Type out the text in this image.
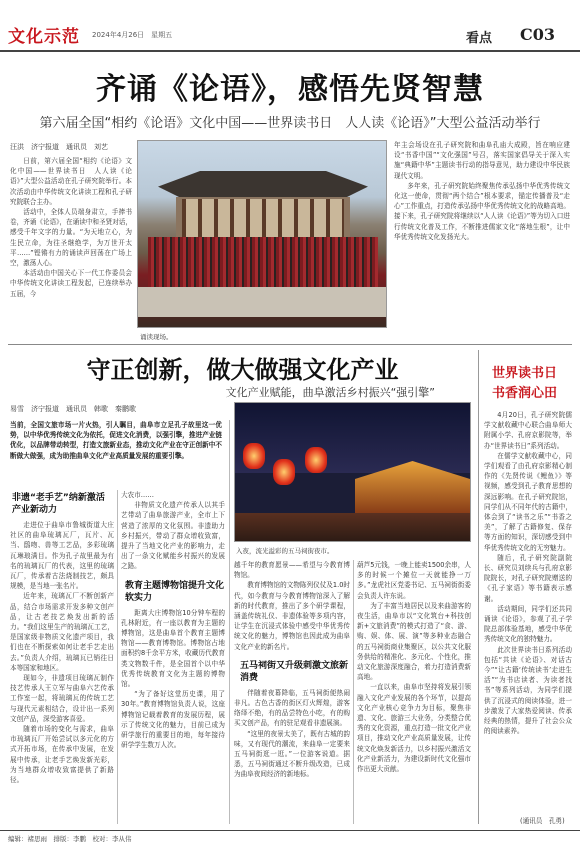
文化示范 2024年4月26日　星期五	看点 C03
齐诵《论语》，感悟先贤智慧
第六届全国“相约《论语》文化中国——世界读书日　人人读《论语》”大型公益活动举行
汪洪　济宁报道　通讯员　刘艺

日前，第六届全国“相约《论语》文化中国——世界读书日　人人读《论语》”大型公益活动在孔子研究院举行。本次活动由中华传统文化讲读工程和孔子研究院联合主办。

活动中，全体人员端身肃立，手捧书卷，齐诵《论语》，在诵读中和圣贤对话，感受千年文字的力量。“为天地立心，为生民立命，为往圣继绝学，为万世开太平……”铿锵有力的诵读声回荡在广场上空，激荡人心。

本活动由中国关心下一代工作委员会中华传统文化讲读工程发起，已连续举办五届，今

诵读现场。

年主会场设在孔子研究院和曲阜孔庙大成殿，旨在响应建设“书香中国”“文化强国”号召，落实国家倡导关于深入实施“典籍中华”主题读书行动的指导意见，助力建设中华民族现代文明。

多年来，孔子研究院始终聚焦传承弘扬中华优秀传统文化这一使命，贯彻“两个结合”根本要求，锚定传播普及“走心”工作重点，打造传承弘扬中华优秀传统文化的战略高地。接下来，孔子研究院将继续以“人人读《论语》”等为切入口进行传统文化普及工作，不断推进儒家文化“落地生根”，让中华优秀传统文化发扬光大。

守正创新，做大做强文化产业
文化产业赋能，曲阜激活乡村振兴“强引擎”
易雪　济宁报道　通讯员　韩歌　秦鹏歌
当前，全国文旅市场一片火热，引人瞩目，曲阜市立足孔子故里这一优势，以中华优秀传统文化为依托，促进文化消费，以强引擎，推进产业链优化，以品牌带动转型，打造文旅新业态，推动文化产业在守正创新中不断做大做强，成为助推曲阜文化产业高质量发展的重要引擎。
非遗“老手艺”纳新激活产业新动力

走进位于曲阜市鲁城街道大庄社区的曲阜琉璃瓦厂，瓦片、瓦当、鸱吻、兽等工艺品，多彩琉璃瓦琳琅满目。作为孔子故里最为有名的琉璃瓦厂的代表，这里的琉璃瓦厂，传承着古法烧制技艺，颇具规模，是当地一张名片。

近年来，琉璃瓦厂不断创新产品，结合市场需求开发多种文创产品，让古老技艺焕发出新的活力。“我们这里生产的琉璃瓦工艺，是国家级非物质文化遗产项目，我们也在不断探索如何让老手艺走出去。”负责人介绍，琉璃瓦已销往日本等国家和地区。

现如今，非遗项目琉璃瓦制作技艺传承人王立军与曲阜六艺传承工作室一起，将琉璃瓦的传统工艺与现代元素相结合，设计出一系列文创产品，深受游客喜爱。

随着市场的变化与需求，曲阜市琉璃瓦厂开始尝试以多元化的方式开拓市场，在传承中发展，在发展中传承，让老手艺焕发新光彩，为当地群众增收致富提供了新路径。

大农市……

非物质文化遗产传承人以其手艺带动了曲阜旅游产业，全市上下营造了浓厚的文化氛围。非遗助力乡村振兴，带动了群众增收致富，提升了当地文化产业的影响力，走出了一条文化赋能乡村振兴的发展之路。

教育主题博物馆提升文化软实力

距离大庄博物馆10分钟车程的孔林附近，有一座以教育为主题的博物馆，这是曲阜首个教育主题博物馆——教育博物馆。博物馆占地面积约8千余平方米，收藏历代教育类文物数千件，是全国首个以中华优秀传统教育文化为主题的博物馆。

“为了备好这堂历史课，用了30年。”教育博物馆负责人说，这座博物馆记载着教育的发展历程，展示了传统文化的魅力，目前已成为研学旅行的重要目的地，每年接待研学学生数万人次。

入夜，流光溢彩的五马祠街夜市。

越千年的教育愿景——希望与今教育博物馆。

教育博物馆的文物陈列仪仗及1.0时代，如今教育与今教育博物馆深入了解新的时代教育，推出了多个研学课程，涵盖传统礼仪、非遗体验等多项内容，让学生在沉浸式体验中感受中华优秀传统文化的魅力，博物馆也因此成为曲阜文化产业的新名片。

五马祠街又升级刺激文旅新消费

伴随着夜幕降临，五马祠街便热闹非凡。古色古香的街区灯火辉煌，游客络绎不绝，有的品尝特色小吃，有的购买文创产品，有的驻足观看非遗展演。

“这里的夜景太美了，既有古城的韵味，又有现代的潮流，来曲阜一定要来五马祠街逛一逛。”一位游客说道。据悉，五马祠街通过不断升级改造，已成为曲阜夜间经济的新地标。

葫芦5元钱，一晚上能卖1500余串，人多的时候一个摊位一天就能挣一万多。”龙虎社区党委书记、五马祠街街委会负责人许东说。

为了丰富当地居民以及来曲游客的夜生活，曲阜市以“文化筑台+科技创新+文旅消费”的模式打造了“食、游、购、娱、体、展、演”等多种业态融合的五马祠街商业集聚区，以公共文化服务供给的精准化、多元化、个性化，推动文化旅游深度融合，着力打造消费新高地。

一直以来，曲阜市坚持将发展引领融入文化产业发展的各个环节，以提高文化产业核心竞争力为目标，聚焦非遗、文化、旅游三大业务，分类整合优秀的文化资源，重点打造一批文化产业项目，推动文化产业高质量发展，让传统文化焕发新活力，以乡村振兴激活文化产业新活力，为建设新时代文化强市作出更大贡献。

世界读书日
书香润心田

4月20日，孔子研究院儒学文献收藏中心联合曲阜师大附属小学、孔府京影院等，举办“世界读书日”系列活动。

在儒学文献收藏中心，同学们观看了由孔府京影精心制作的《先贤传说《鲤鱼》》等视频，感受到孔子教育思想的深远影响。在孔子研究院馆，同学们从不同年代的古籍中，体会到了“读书之乐”“书香之美”，了解了古籍修复、保存等方面的知识，深切感受到中华优秀传统文化的无穷魅力。

随后，孔子研究院副院长、研究员刘续兵与孔府京影院院长，对孔子研究院赠送的《孔子家语》等书籍表示感谢。

活动期间，同学们还共同诵读《论语》，参观了孔子学院总部体验基地，感受中华优秀传统文化的独特魅力。

此次世界读书日系列活动包括“共读《论语》、对话古今”“让古籍‘传统读书’走进生活”“为书店读者、为读者找书”等系列活动，为同学们提供了沉浸式的阅读体验，进一步激发了大家热爱阅读、传承经典的热情，提升了社会公众的阅读素养。

(通讯员　孔勇)
编辑：褚思雨　排版：李鹏　校对：李从伟
